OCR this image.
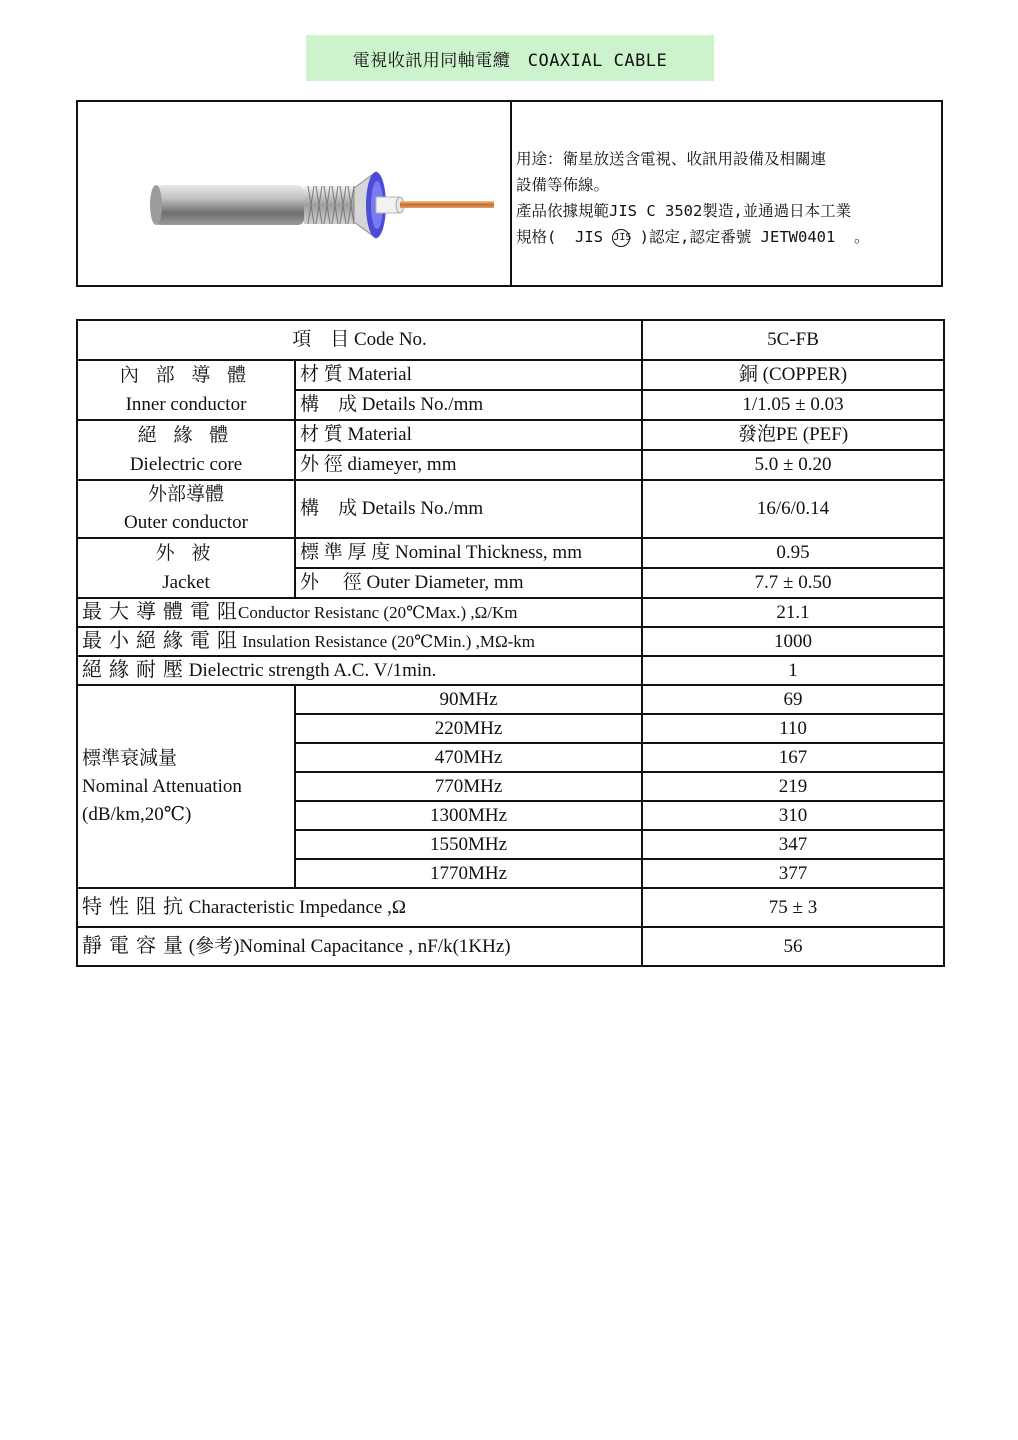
電視收訊用同軸電纜　COAXIAL CABLE

用途：衛星放送含電視、收訊用設備及相關連

設備等佈線。

產品依據規範JIS C 3502製造,並通過日本工業

規格(  JIS JIS )認定,認定番號 JETW0401  。

項　目 Code No.		5C-FB

內 部 導 體
Inner conductor	材 質 Material	銅 (COPPER)
	構　成 Details No./mm	1/1.05 ± 0.03

絕 緣 體
Dielectric core	材 質 Material	發泡PE (PEF)
	外 徑 diameyer, mm	5.0 ± 0.20

外部導體
Outer conductor	構　成 Details No./mm	16/6/0.14

外 被
Jacket	標 準 厚 度 Nominal Thickness, mm	0.95
	外　 徑 Outer Diameter, mm	7.7 ± 0.50
最 大 導 體 電 阻Conductor Resistanc (20℃Max.) ,Ω/Km		21.1
最 小 絕 緣 電 阻 Insulation Resistance (20℃Min.) ,MΩ-km		1000
絕 緣 耐 壓 Dielectric strength A.C. V/1min.		1

標準衰減量
Nominal Attenuation
(dB/km,20℃)	90MHz	69
	220MHz	110
	470MHz	167
	770MHz	219
	1300MHz	310
	1550MHz	347
	1770MHz	377
特 性 阻 抗 Characteristic Impedance ,Ω		75 ± 3
靜 電 容 量 (參考)Nominal Capacitance , nF/k(1KHz)		56
